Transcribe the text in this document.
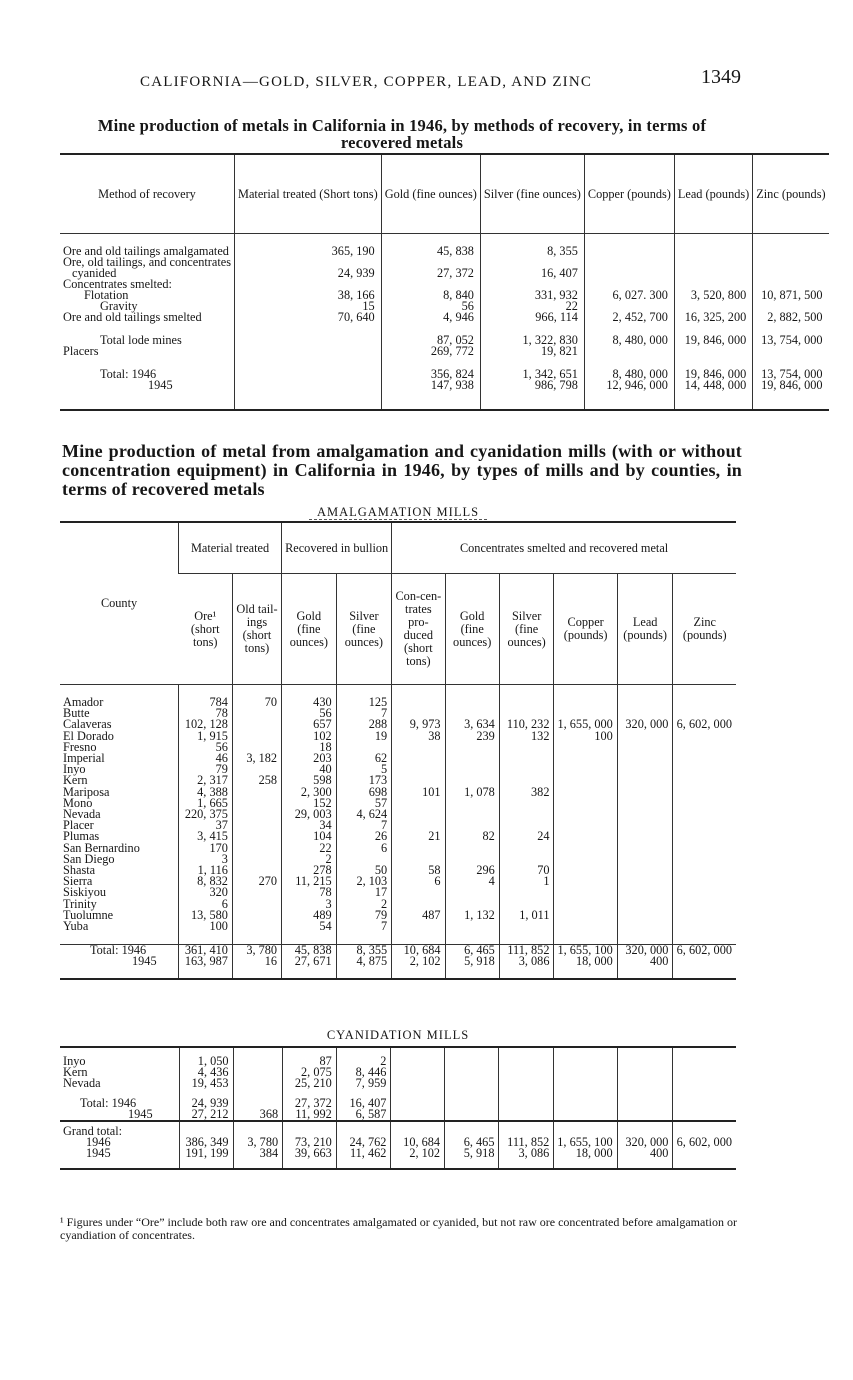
CALIFORNIA—GOLD, SILVER, COPPER, LEAD, AND ZINC	1349
Mine production of metals in California in 1946, by methods of recovery, in terms of recovered metals
Method of recovery	Material treated (Short tons)	Gold (fine ounces)	Silver (fine ounces)	Copper (pounds)	Lead (pounds)	Zinc (pounds)

Ore and old tailings amalgamated	365, 190	45, 838	8, 355			
Ore, old tailings, and concentrates						
cyanided	24, 939	27, 372	16, 407			
Concentrates smelted:						
Flotation	38, 166	8, 840	331, 932	6, 027. 300	3, 520, 800	10, 871, 500
Gravity	15	56	22			
Ore and old tailings smelted	70, 640	4, 946	966, 114	2, 452, 700	16, 325, 200	2, 882, 500

Total lode mines		87, 052	1, 322, 830	8, 480, 000	19, 846, 000	13, 754, 000
Placers		269, 772	19, 821			

Total: 1946		356, 824	1, 342, 651	8, 480, 000	19, 846, 000	13, 754, 000
1945		147, 938	986, 798	12, 946, 000	14, 448, 000	19, 846, 000

Mine production of metal from amalgamation and cyanidation mills (with or without concentration equipment) in California in 1946, by types of mills and by counties, in terms of recovered metals
AMALGAMATION MILLS
County	Material treated		Recovered in bullion		Concentrates smelted and recovered metal					
	Ore¹ (short tons)	Old tail-ings (short tons)	Gold (fine ounces)	Silver (fine ounces)	Con-cen-trates pro-duced (short tons)	Gold (fine ounces)	Silver (fine ounces)	Copper (pounds)	Lead (pounds)	Zinc (pounds)

Amador	784	70	430	125						
Butte	78		56	7						
Calaveras	102, 128		657	288	9, 973	3, 634	110, 232	1, 655, 000	320, 000	6, 602, 000
El Dorado	1, 915		102	19	38	239	132	100		
Fresno	56		18							
Imperial	46	3, 182	203	62						
Inyo	79		40	5						
Kern	2, 317	258	598	173						
Mariposa	4, 388		2, 300	698	101	1, 078	382			
Mono	1, 665		152	57						
Nevada	220, 375		29, 003	4, 624						
Placer	37		34	7						
Plumas	3, 415		104	26	21	82	24			
San Bernardino	170		22	6						
San Diego	3		2							
Shasta	1, 116		278	50	58	296	70			
Sierra	8, 832	270	11, 215	2, 103	6	4	1			
Siskiyou	320		78	17						
Trinity	6		3	2						
Tuolumne	13, 580		489	79	487	1, 132	1, 011			
Yuba	100		54	7						

Total: 1946	361, 410	3, 780	45, 838	8, 355	10, 684	6, 465	111, 852	1, 655, 100	320, 000	6, 602, 000
1945	163, 987	16	27, 671	4, 875	2, 102	5, 918	3, 086	18, 000	400	

CYANIDATION MILLS

Inyo	1, 050		87	2						
Kern	4, 436		2, 075	8, 446						
Nevada	19, 453		25, 210	7, 959						

Total: 1946	24, 939		27, 372	16, 407						
1945	27, 212	368	11, 992	6, 587						
Grand total:										
1946	386, 349	3, 780	73, 210	24, 762	10, 684	6, 465	111, 852	1, 655, 100	320, 000	6, 602, 000
1945	191, 199	384	39, 663	11, 462	2, 102	5, 918	3, 086	18, 000	400	

¹ Figures under “Ore” include both raw ore and concentrates amalgamated or cyanided, but not raw ore concentrated before amalgamation or cyandiation of concentrates.
